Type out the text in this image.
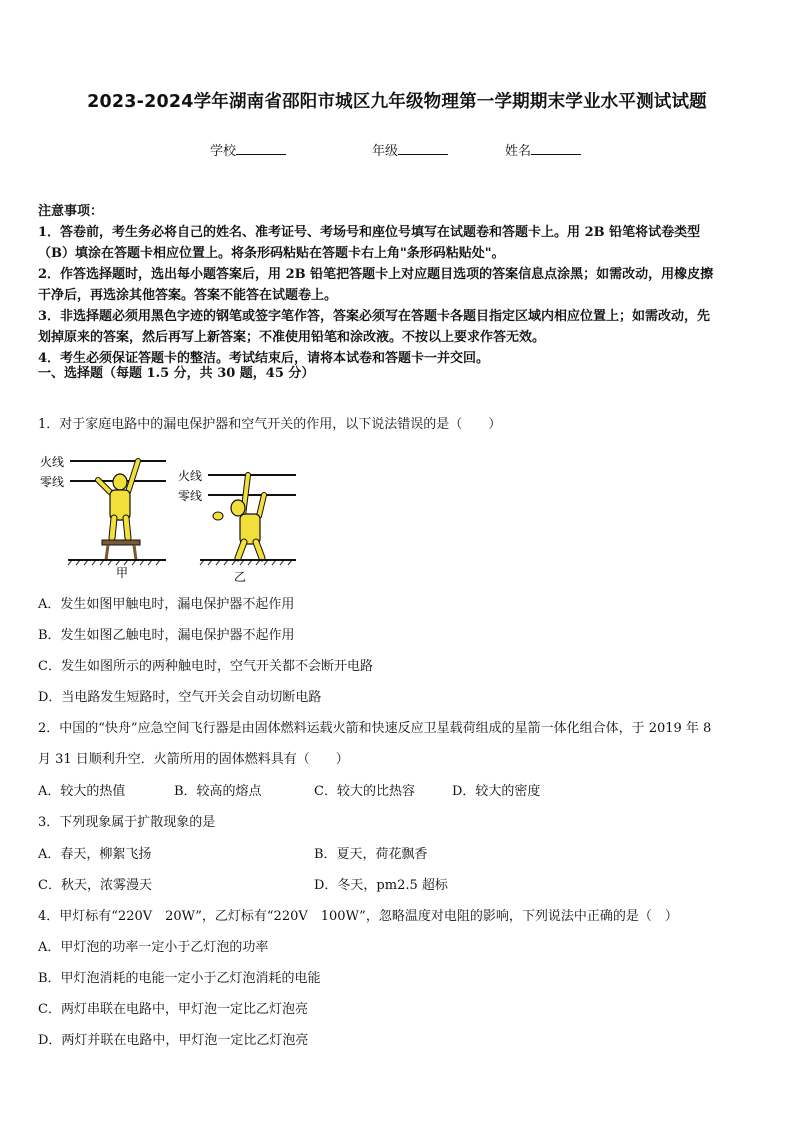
2023-2024学年湖南省邵阳市城区九年级物理第一学期期末学业水平测试试题
学校	年级	姓名
注意事项：
1．答卷前，考生务必将自己的姓名、准考证号、考场号和座位号填写在试题卷和答题卡上。用 2B 铅笔将试卷类型
（B）填涂在答题卡相应位置上。将条形码粘贴在答题卡右上角"条形码粘贴处"。
2．作答选择题时，选出每小题答案后，用 2B 铅笔把答题卡上对应题目选项的答案信息点涂黑；如需改动，用橡皮擦
干净后，再选涂其他答案。答案不能答在试题卷上。
3．非选择题必须用黑色字迹的钢笔或签字笔作答，答案必须写在答题卡各题目指定区域内相应位置上；如需改动，先
划掉原来的答案，然后再写上新答案；不准使用铅笔和涂改液。不按以上要求作答无效。
4．考生必须保证答题卡的整洁。考试结束后，请将本试卷和答题卡一并交回。
一、选择题（每题 1.5 分，共 30 题，45 分）
1．对于家庭电路中的漏电保护器和空气开关的作用，以下说法错误的是（　　）
火线
零线
甲
火线
零线
乙
A．发生如图甲触电时，漏电保护器不起作用
B．发生如图乙触电时，漏电保护器不起作用
C．发生如图所示的两种触电时，空气开关都不会断开电路
D．当电路发生短路时，空气开关会自动切断电路
2．中国的“快舟”应急空间飞行器是由固体燃料运载火箭和快速反应卫星载荷组成的星箭一体化组合体，于 2019 年 8
月 31 日顺利升空．火箭所用的固体燃料具有（　　）
A．较大的热值	B．较高的熔点	C．较大的比热容	D．较大的密度
3．下列现象属于扩散现象的是
A．春天，柳絮飞扬	B．夏天，荷花飘香
C．秋天，浓雾漫天	D．冬天，pm2.5 超标
4．甲灯标有“220V　20W”，乙灯标有“220V　100W”，忽略温度对电阻的影响，下列说法中正确的是（　）
A．甲灯泡的功率一定小于乙灯泡的功率
B．甲灯泡消耗的电能一定小于乙灯泡消耗的电能
C．两灯串联在电路中，甲灯泡一定比乙灯泡亮
D．两灯并联在电路中，甲灯泡一定比乙灯泡亮
